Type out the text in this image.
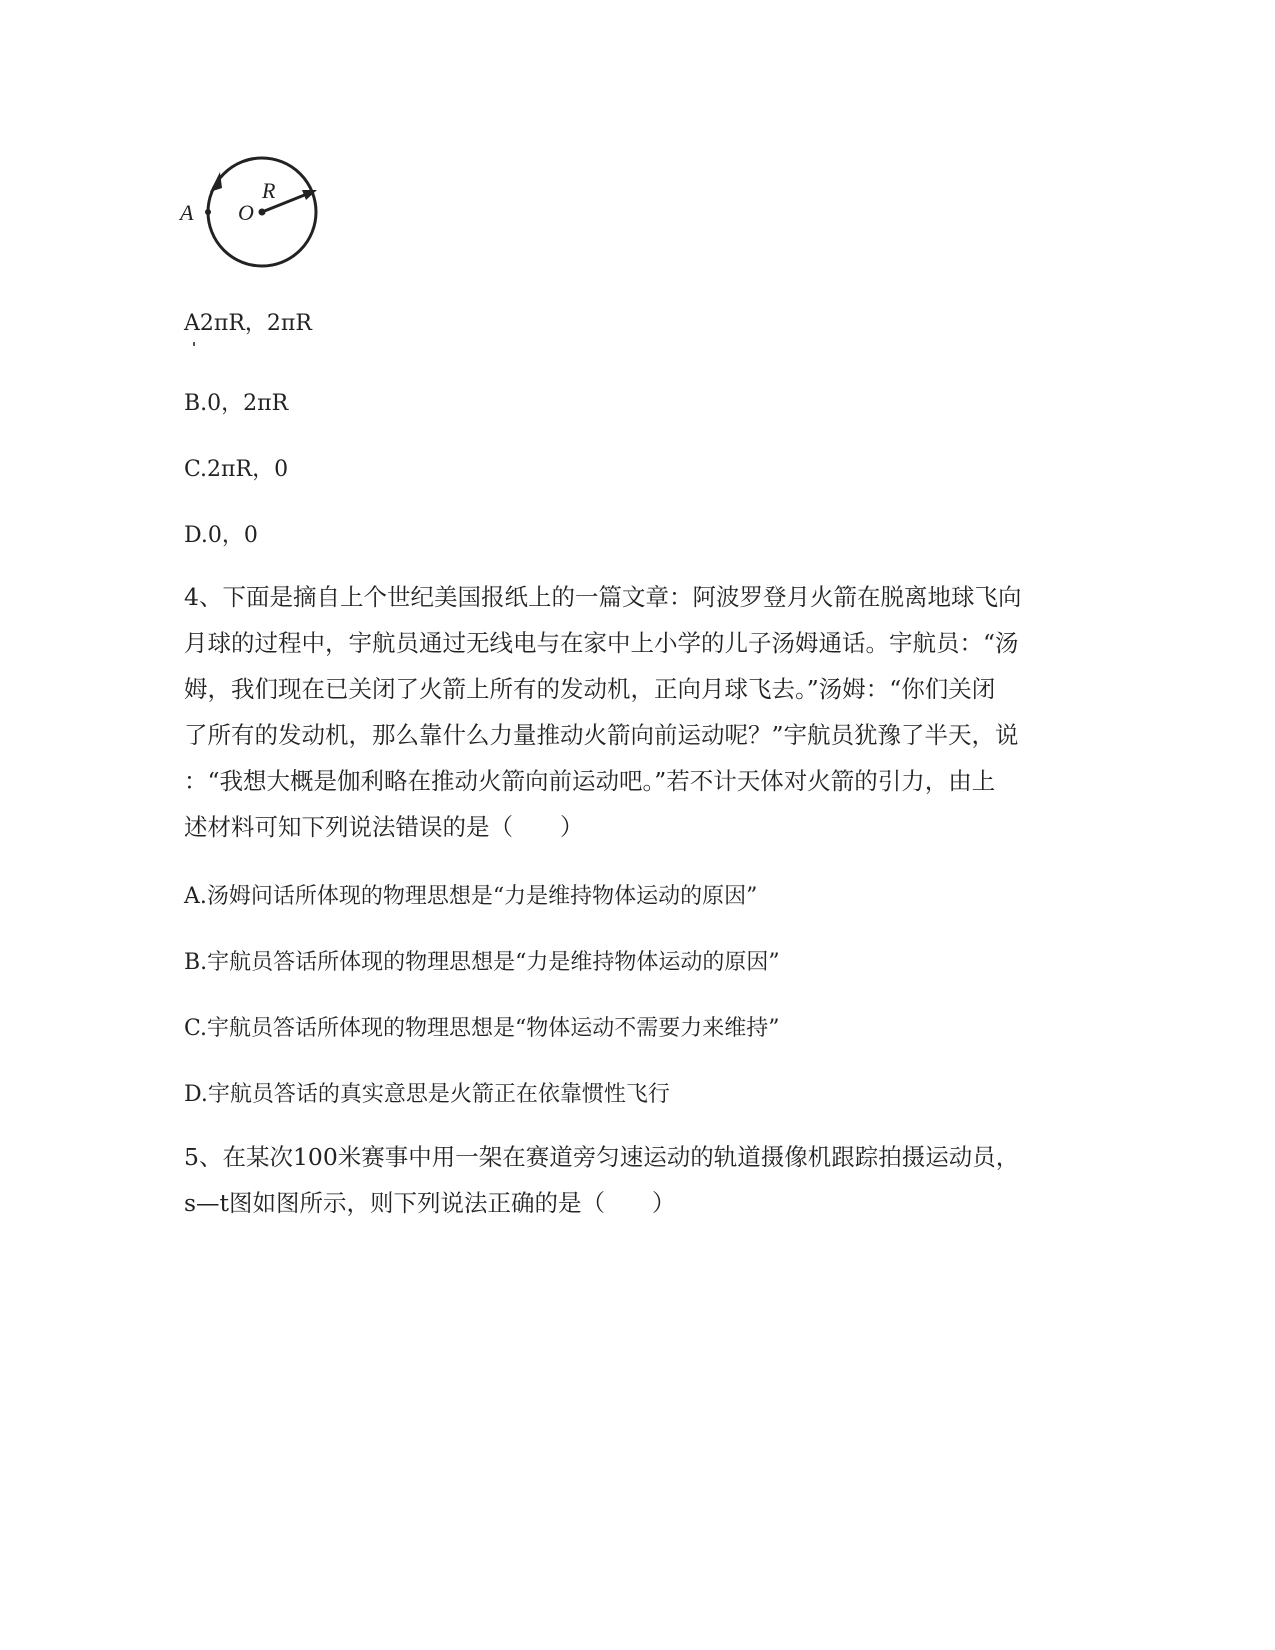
A O
R
A2πR，2πR
B.0，2πR
C.2πR，0
D.0，0
4、下面是摘自上个世纪美国报纸上的一篇文章：阿波罗登月火箭在脱离地球飞向
月球的过程中，宇航员通过无线电与在家中上小学的儿子汤姆通话。宇航员：“汤
姆，我们现在已关闭了火箭上所有的发动机，正向月球飞去。”汤姆：“你们关闭
了所有的发动机，那么靠什么力量推动火箭向前运动呢？”宇航员犹豫了半天，说
：“我想大概是伽利略在推动火箭向前运动吧。”若不计天体对火箭的引力，由上
述材料可知下列说法错误的是（　　）
A.汤姆问话所体现的物理思想是“力是维持物体运动的原因”
B.宇航员答话所体现的物理思想是“力是维持物体运动的原因”
C.宇航员答话所体现的物理思想是“物体运动不需要力来维持”
D.宇航员答话的真实意思是火箭正在依靠惯性飞行
5、在某次100米赛事中用一架在赛道旁匀速运动的轨道摄像机跟踪拍摄运动员，
s—t图如图所示，则下列说法正确的是（　　）
